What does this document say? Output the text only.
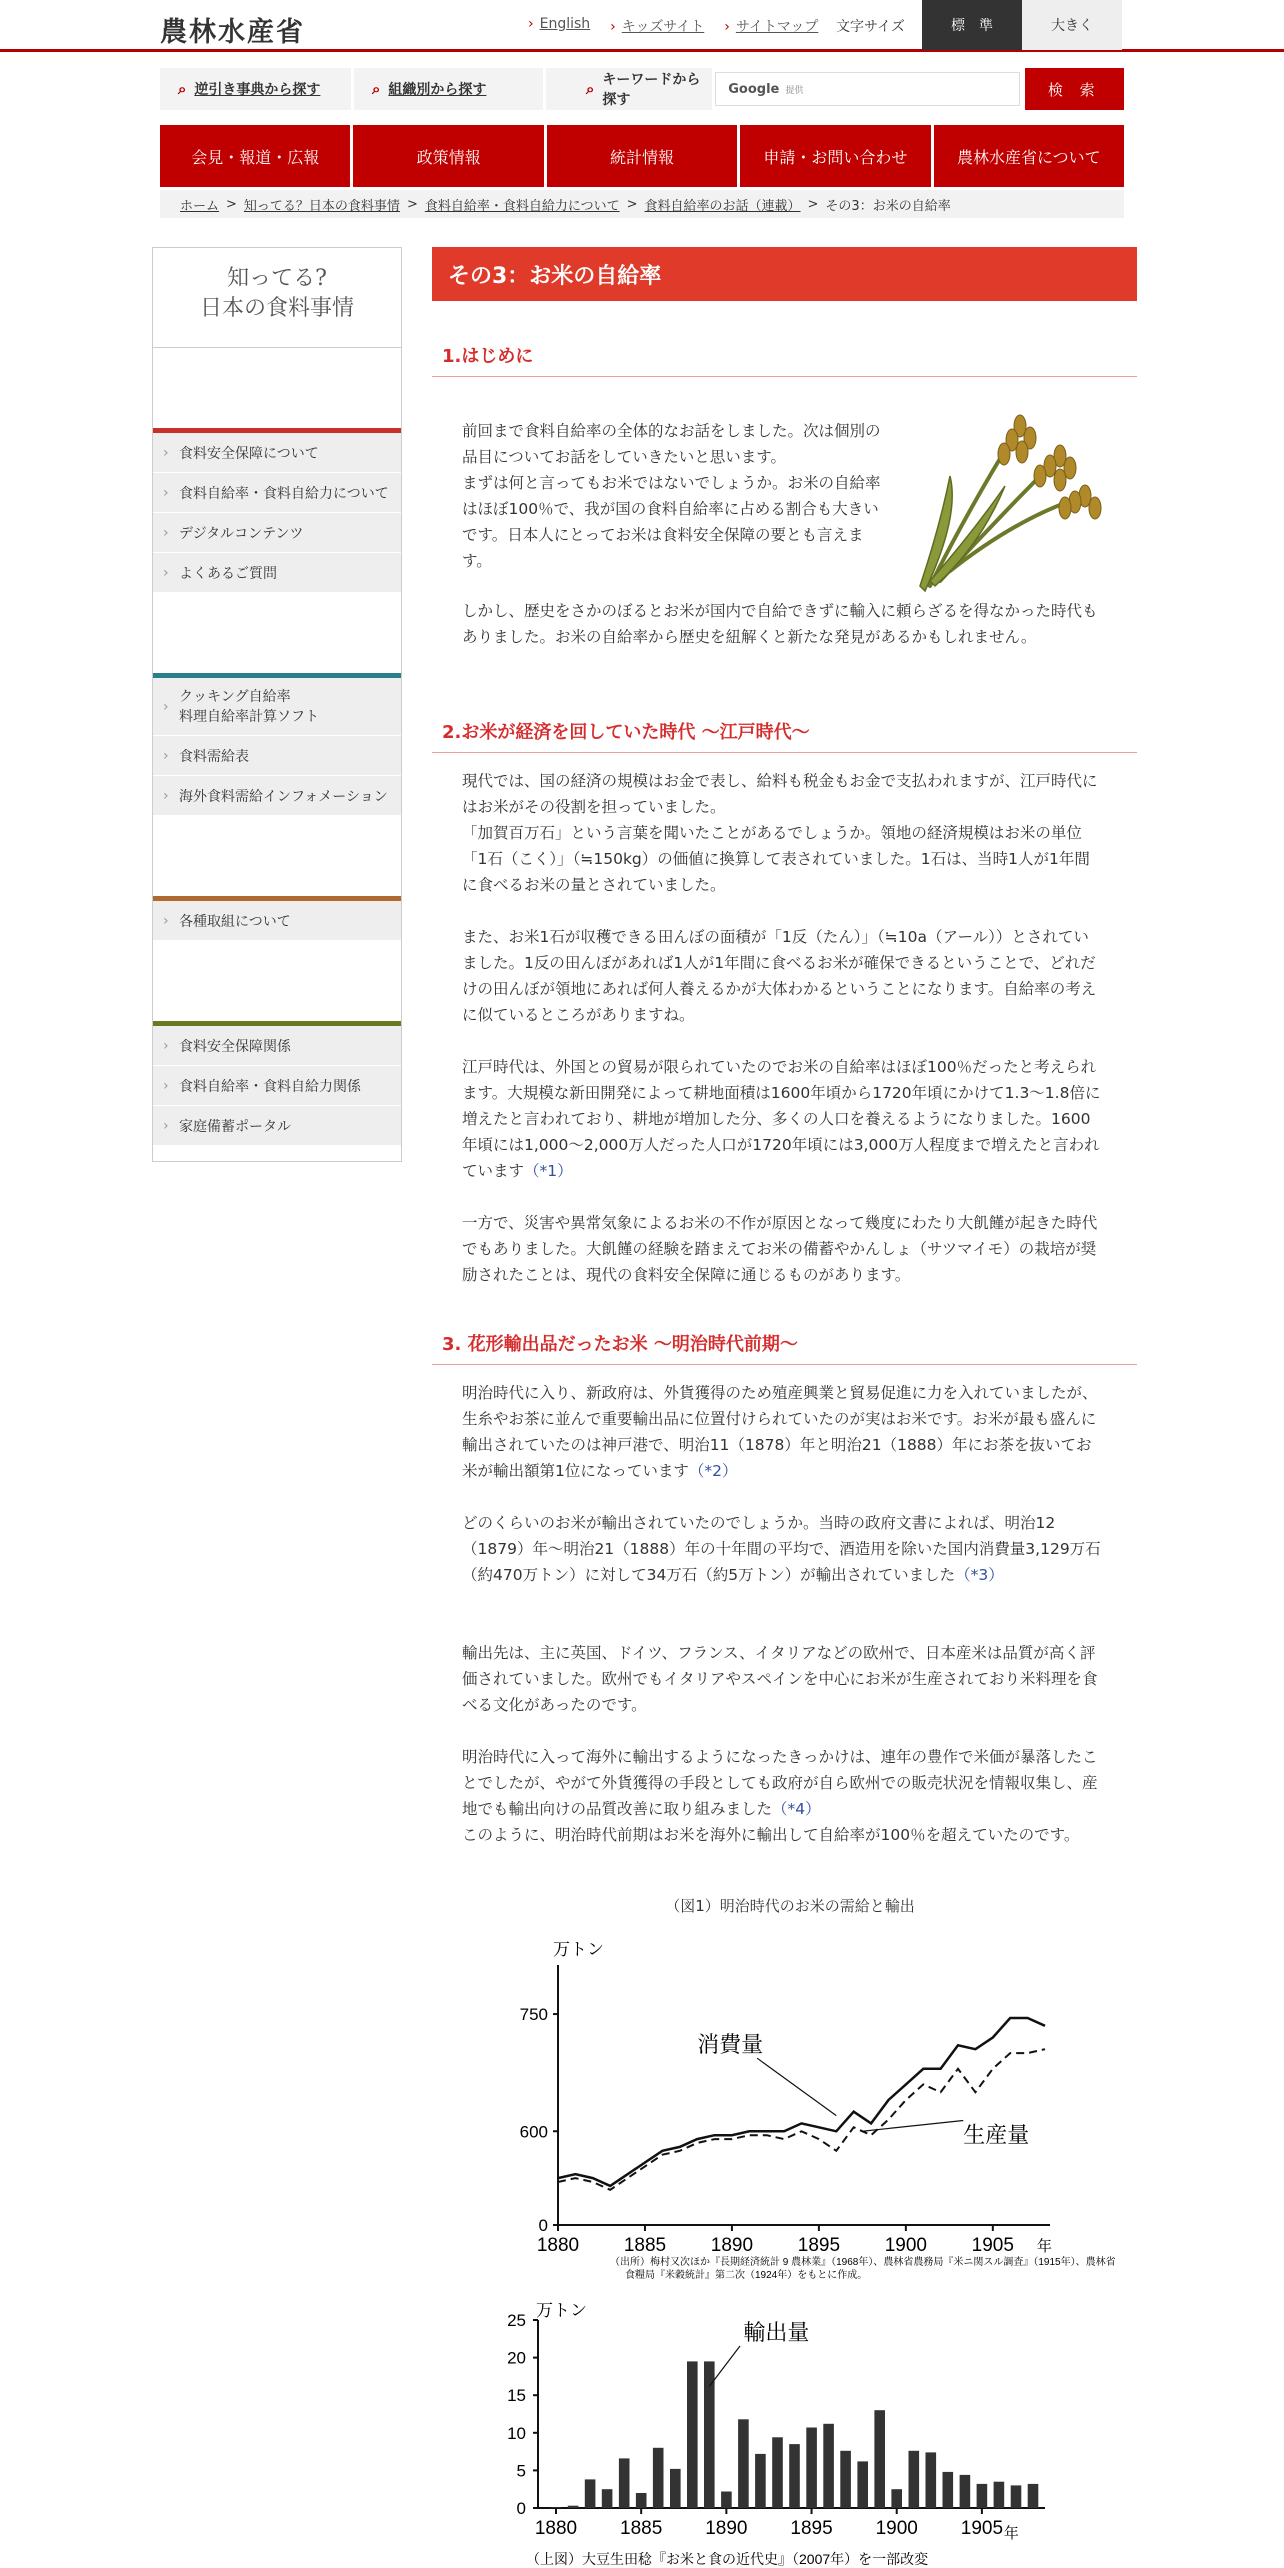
農林水産省	› English	› キッズサイト	› サイトマップ 文字サイズ	標　準	大きく
⌕ 逆引き事典から探す	⌕ 組織別から探す	⌕ キーワードから探す
Google 提供	検 索
会見・報道・広報	政策情報	統計情報	申請・お問い合わせ	農林水産省について
ホーム > 知ってる？日本の食料事情 > 食料自給率・食料自給力について > 食料自給率のお話（連載） > その3：お米の自給率
知ってる?
日本の食料事情
› 食料安全保障について
› 食料自給率・食料自給力について
› デジタルコンテンツ
› よくあるご質問
› クッキング自給率
料理自給率計算ソフト
› 食料需給表
› 海外食料需給インフォメーション
› 各種取組について
› 食料安全保障関係
› 食料自給率・食料自給力関係
› 家庭備蓄ポータル
その3：お米の自給率
1.はじめに
前回まで食料自給率の全体的なお話をしました。次は個別の品目についてお話をしていきたいと思います。
まずは何と言ってもお米ではないでしょうか。お米の自給率はほぼ100％で、我が国の食料自給率に占める割合も大きいです。日本人にとってお米は食料安全保障の要とも言えます。
しかし、歴史をさかのぼるとお米が国内で自給できずに輸入に頼らざるを得なかった時代もありました。お米の自給率から歴史を紐解くと新たな発見があるかもしれません。
2.お米が経済を回していた時代 ～江戸時代～
現代では、国の経済の規模はお金で表し、給料も税金もお金で支払われますが、江戸時代にはお米がその役割を担っていました。
「加賀百万石」という言葉を聞いたことがあるでしょうか。領地の経済規模はお米の単位「1石（こく）」（≒150kg）の価値に換算して表されていました。1石は、当時1人が1年間に食べるお米の量とされていました。
また、お米1石が収穫できる田んぼの面積が「1反（たん）」（≒10a（アール））とされていました。1反の田んぼがあれば1人が1年間に食べるお米が確保できるということで、どれだけの田んぼが領地にあれば何人養えるかが大体わかるということになります。自給率の考えに似ているところがありますね。
江戸時代は、外国との貿易が限られていたのでお米の自給率はほぼ100％だったと考えられます。大規模な新田開発によって耕地面積は1600年頃から1720年頃にかけて1.3～1.8倍に増えたと言われており、耕地が増加した分、多くの人口を養えるようになりました。1600年頃には1,000～2,000万人だった人口が1720年頃には3,000万人程度まで増えたと言われています（*1）
一方で、災害や異常気象によるお米の不作が原因となって幾度にわたり大飢饉が起きた時代でもありました。大飢饉の経験を踏まえてお米の備蓄やかんしょ（サツマイモ）の栽培が奨励されたことは、現代の食料安全保障に通じるものがあります。
3. 花形輸出品だったお米 ～明治時代前期～
明治時代に入り、新政府は、外貨獲得のため殖産興業と貿易促進に力を入れていましたが、生糸やお茶に並んで重要輸出品に位置付けられていたのが実はお米です。お米が最も盛んに輸出されていたのは神戸港で、明治11（1878）年と明治21（1888）年にお茶を抜いてお米が輸出額第1位になっています（*2）
どのくらいのお米が輸出されていたのでしょうか。当時の政府文書によれば、明治12（1879）年～明治21（1888）年の十年間の平均で、酒造用を除いた国内消費量3,129万石（約470万トン）に対して34万石（約5万トン）が輸出されていました（*3）
輸出先は、主に英国、ドイツ、フランス、イタリアなどの欧州で、日本産米は品質が高く評価されていました。欧州でもイタリアやスペインを中心にお米が生産されており米料理を食べる文化があったのです。
明治時代に入って海外に輸出するようになったきっかけは、連年の豊作で米価が暴落したことでしたが、やがて外貨獲得の手段としても政府が自ら欧州での販売状況を情報収集し、産地でも輸出向けの品質改善に取り組みました（*4）
このように、明治時代前期はお米を海外に輸出して自給率が100％を超えていたのです。
（図1）明治時代のお米の需給と輸出
万トン
0
600
750
1880 1885 1890 1895 1900 1905 年
消費量
生産量
（出所）梅村又次ほか『長期経済統計 9 農林業』（1968年）、農林省農務局『米ニ関スル調査』（1915年）、農林省食糧局『米穀統計』第二次（1924年）をもとに作成。
万トン
0
5
10
15
20
25
1880 1885 1890 1895 1900 1905 年
輸出量
（上図）大豆生田稔『お米と食の近代史』（2007年）を一部改変
